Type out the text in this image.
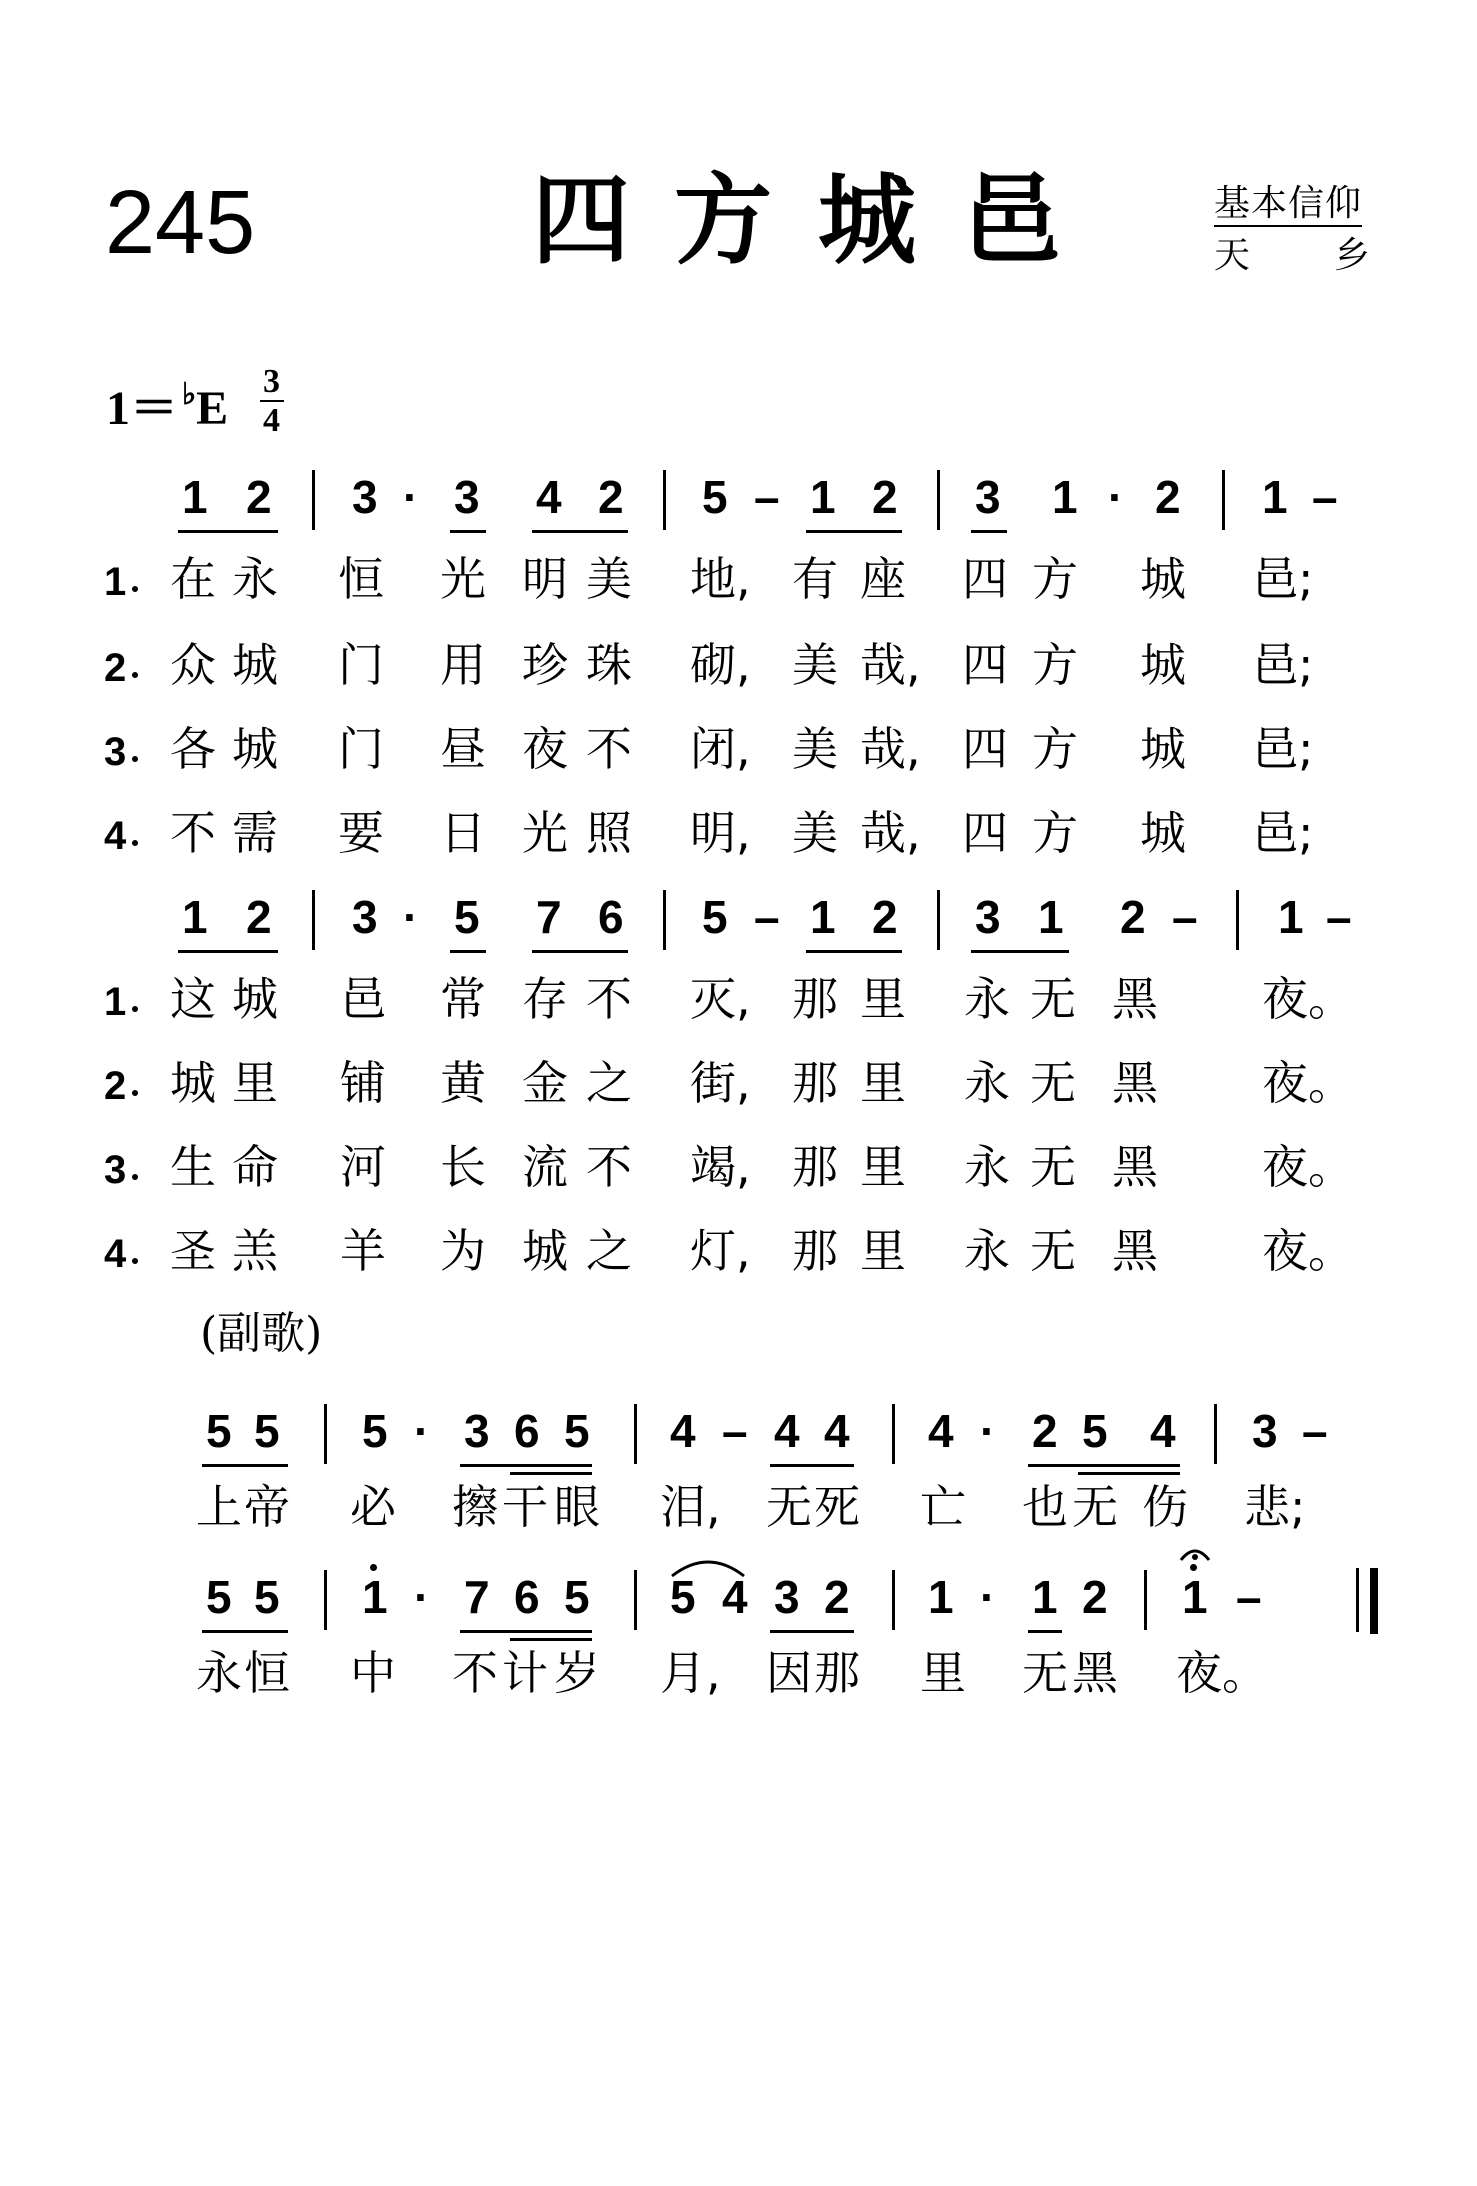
245	四 方 城 邑	基本信仰
天 乡
1＝ ♭E
3
4
1 2 3 · 3 4 2 5 – 1 2 3 1 · 2 1 –
1 在 永 恒 光 明 美 地, 有 座 四 方 城 邑;
2 众 城 门 用 珍 珠 砌, 美 哉, 四 方 城 邑;
3 各 城 门 昼 夜 不 闭, 美 哉, 四 方 城 邑;
4 不 需 要 日 光 照 明, 美 哉, 四 方 城 邑;
1 2 3 · 5 7 6 5 – 1 2 3 1 2 – 1 –
1 这 城 邑 常 存 不 灭, 那 里 永 无 黑 夜。
2 城 里 铺 黄 金 之 街, 那 里 永 无 黑 夜。
3 生 命 河 长 流 不 竭, 那 里 永 无 黑 夜。
4 圣 羔 羊 为 城 之 灯, 那 里 永 无 黑 夜。
(副歌)
5 5 5 · 3 6 5 4 – 4 4 4 · 2 5 4 3 –
上 帝 必 擦 干 眼 泪, 无 死 亡 也 无 伤 悲;
5 5 1 · 7 6 5 5 4 3 2 1 · 1 2 1 –
永 恒 中 不 计 岁 月, 因 那 里 无 黑 夜。
